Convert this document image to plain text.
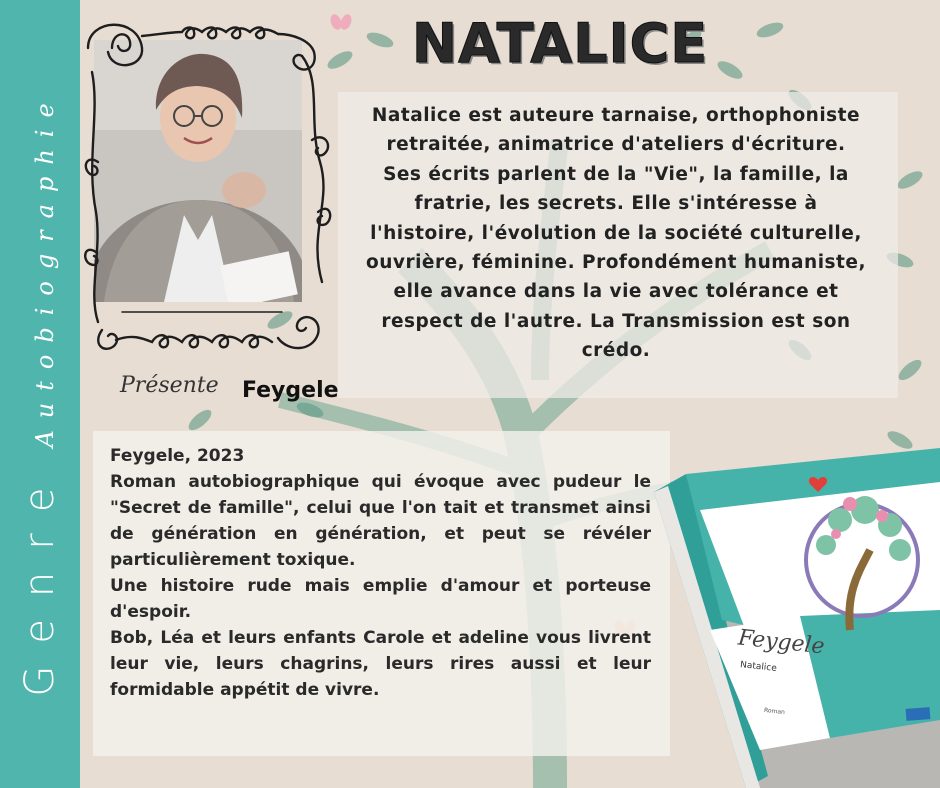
Genre
Autobiographie
NATALICE
Natalice est auteure tarnaise, orthophoniste
retraitée, animatrice d'ateliers d'écriture.
Ses écrits parlent de la "Vie", la famille, la
fratrie, les secrets. Elle s'intéresse à
l'histoire, l'évolution de la société culturelle,
ouvrière, féminine. Profondément humaniste,
elle avance dans la vie avec tolérance et
respect de l'autre. La Transmission est son
crédo.
Présente Feygele

Feygele, 2023

Roman autobiographique qui évoque avec pudeur le "Secret de famille", celui que l'on tait et transmet ainsi de génération en génération, et peut se révéler particulièrement toxique.

Une histoire rude mais emplie d'amour et porteuse d'espoir.

Bob, Léa et leurs enfants Carole et adeline vous livrent leur vie, leurs chagrins, leurs rires aussi et leur formidable appétit de vivre.

Feygele
Natalice
Roman
